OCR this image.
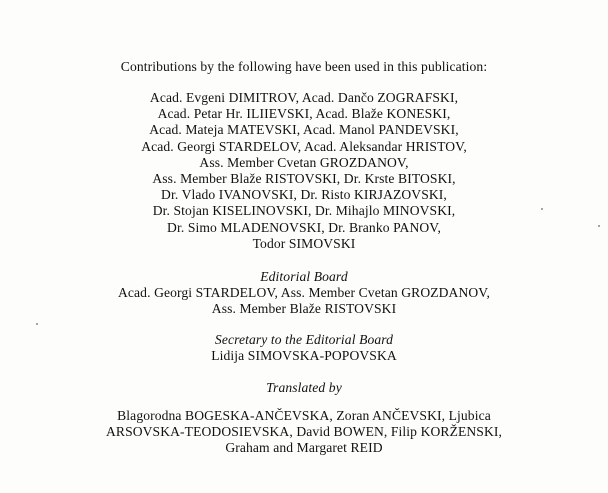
Contributions by the following have been used in this publication:
Acad. Evgeni DIMITROV, Acad. Dančo ZOGRAFSKI,
Acad. Petar Hr. ILIIEVSKI, Acad. Blaže KONESKI,
Acad. Mateja MATEVSKI, Acad. Manol PANDEVSKI,
Acad. Georgi STARDELOV, Acad. Aleksandar HRISTOV,
Ass. Member Cvetan GROZDANOV,
Ass. Member Blaže RISTOVSKI, Dr. Krste BITOSKI,
Dr. Vlado IVANOVSKI, Dr. Risto KIRJAZOVSKI,
Dr. Stojan KISELINOVSKI, Dr. Mihajlo MINOVSKI,
Dr. Simo MLADENOVSKI, Dr. Branko PANOV,
Todor SIMOVSKI
Editorial Board
Acad. Georgi STARDELOV, Ass. Member Cvetan GROZDANOV,
Ass. Member Blaže RISTOVSKI
Secretary to the Editorial Board
Lidija SIMOVSKA-POPOVSKA
Translated by
Blagorodna BOGESKA-ANČEVSKA, Zoran ANČEVSKI, Ljubica
ARSOVSKA-TEODOSIEVSKA, David BOWEN, Filip KORŽENSKI,
Graham and Margaret REID
